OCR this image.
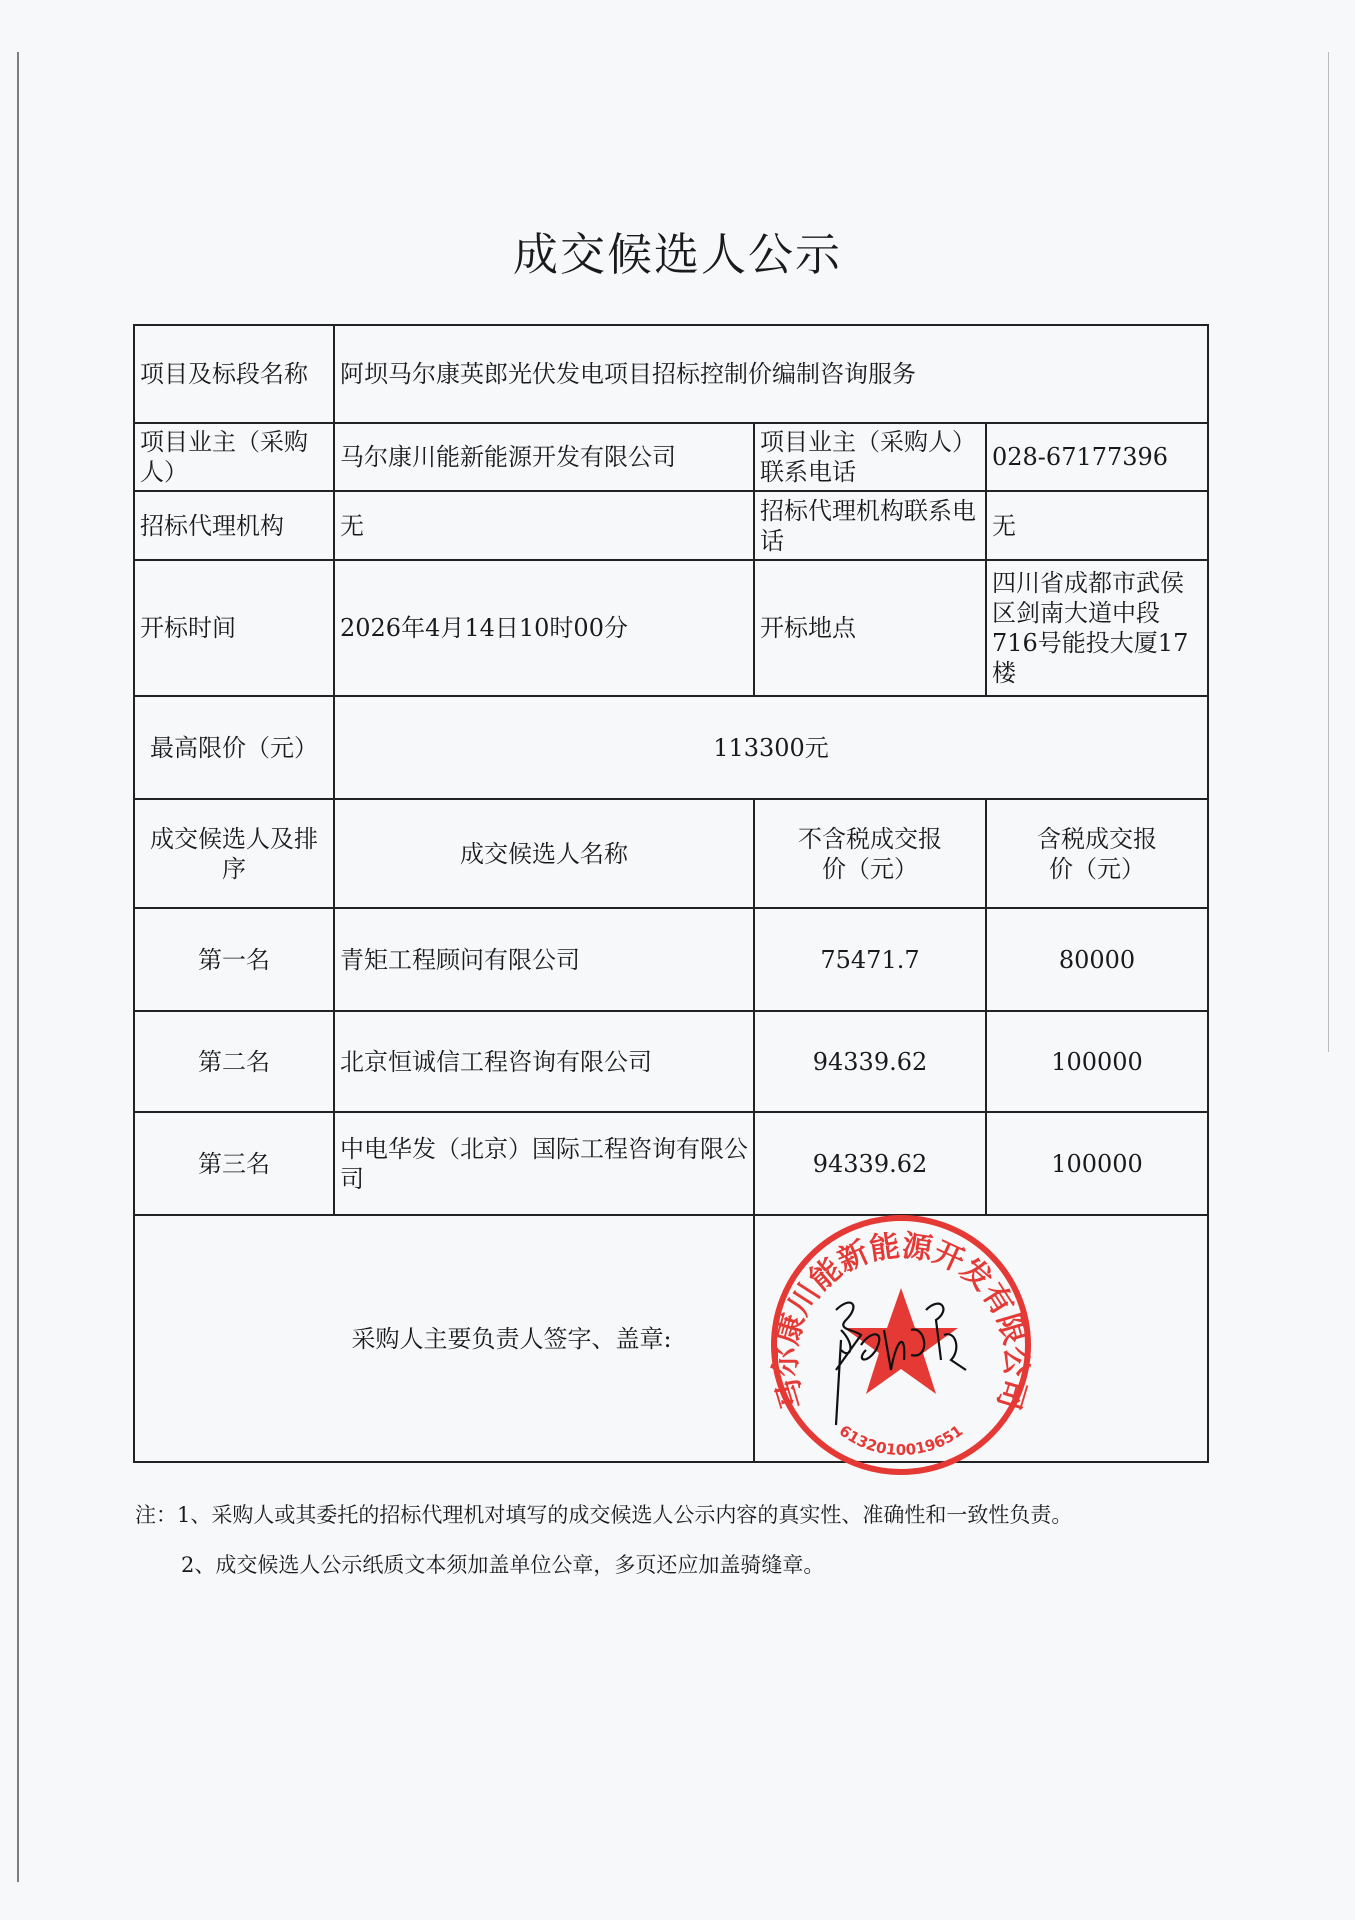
成交候选人公示
项目及标段名称	阿坝马尔康英郎光伏发电项目招标控制价编制咨询服务		
项目业主（采购人）	马尔康川能新能源开发有限公司	项目业主（采购人）联系电话	028-67177396
招标代理机构	无	招标代理机构联系电话	无
开标时间	2026年4月14日10时00分	开标地点	四川省成都市武侯区剑南大道中段716号能投大厦17楼
最高限价（元）	113300元		
成交候选人及排序	成交候选人名称	不含税成交报价（元）	含税成交报价（元）
第一名	青矩工程顾问有限公司	75471.7	80000
第二名	北京恒诚信工程咨询有限公司	94339.62	100000
第三名	中电华发（北京）国际工程咨询有限公司	94339.62	100000
采购人主要负责人签字、盖章:			
马尔康川能新能源开发有限公司
6132010019651
注：1、采购人或其委托的招标代理机对填写的成交候选人公示内容的真实性、准确性和一致性负责。
2、成交候选人公示纸质文本须加盖单位公章，多页还应加盖骑缝章。
